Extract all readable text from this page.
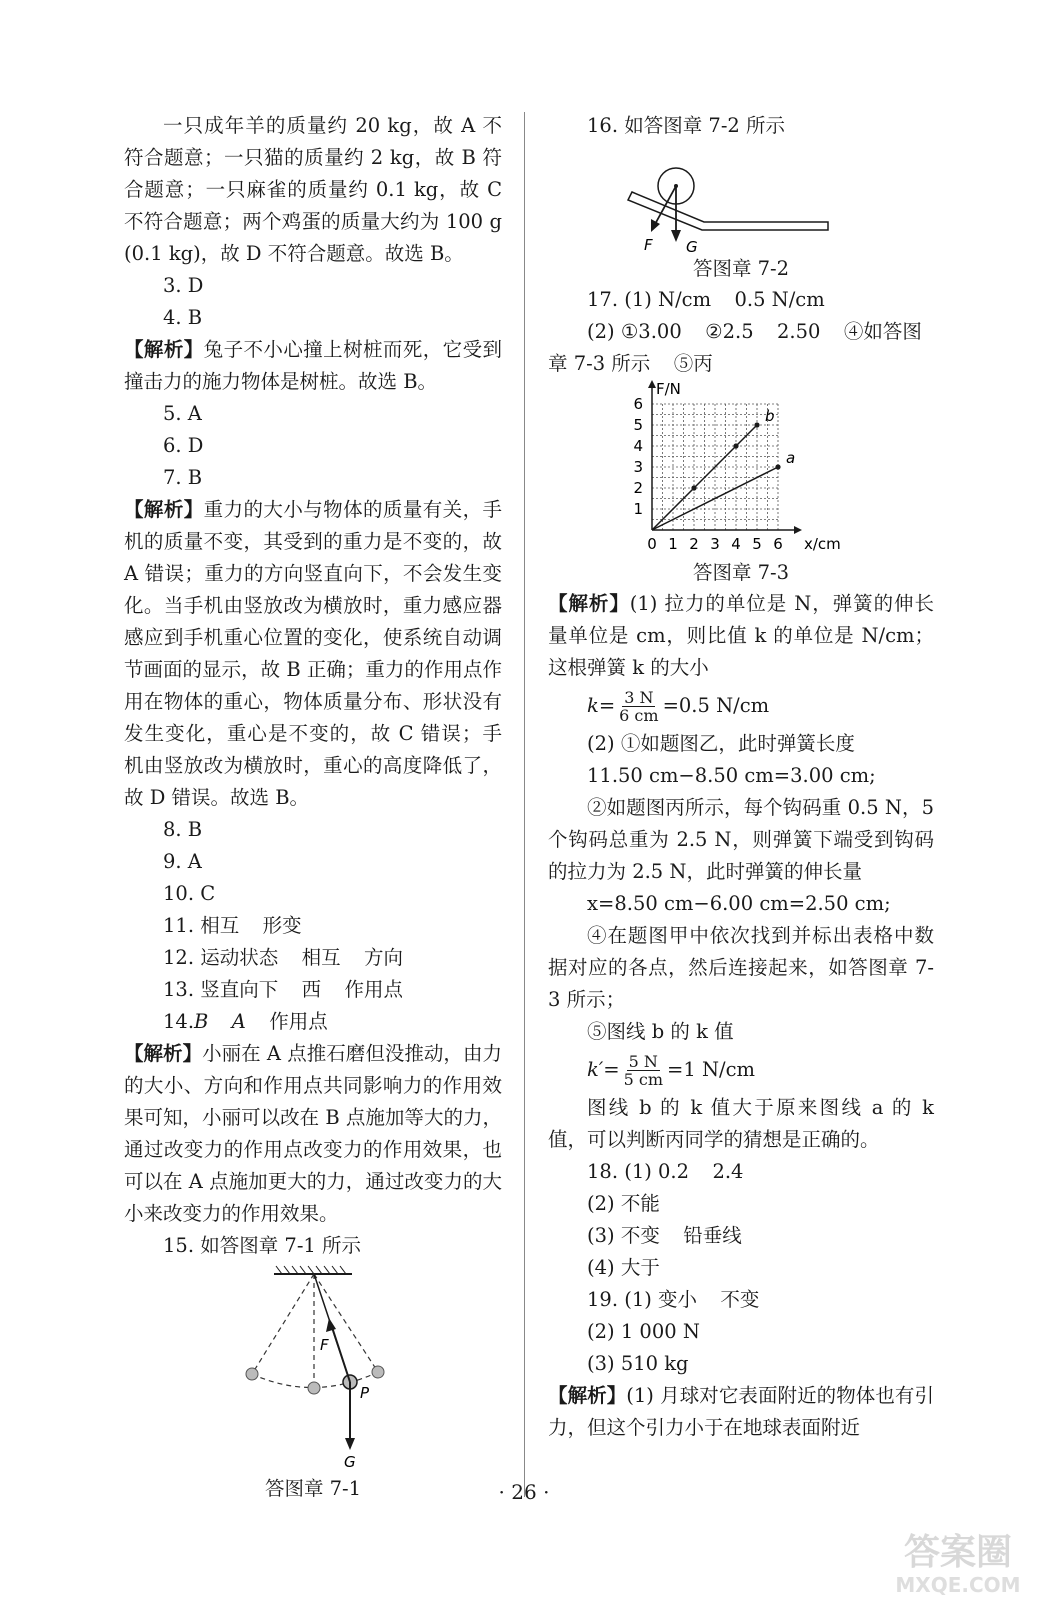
一只成年羊的质量约 20 kg，故 A 不符合题意；一只猫的质量约 2 kg，故 B 符合题意；一只麻雀的质量约 0.1 kg，故 C 不符合题意；两个鸡蛋的质量大约为 100 g (0.1 kg)，故 D 不符合题意。故选 B。

3. D

4. B

【解析】兔子不小心撞上树桩而死，它受到撞击力的施力物体是树桩。故选 B。

5. A

6. D

7. B

【解析】重力的大小与物体的质量有关，手机的质量不变，其受到的重力是不变的，故 A 错误；重力的方向竖直向下，不会发生变化。当手机由竖放改为横放时，重力感应器感应到手机重心位置的变化，使系统自动调节画面的显示，故 B 正确；重力的作用点作用在物体的重心，物体质量分布、形状没有发生变化，重心是不变的，故 C 错误；手机由竖放改为横放时，重心的高度降低了，故 D 错误。故选 B。

8. B

9. A

10. C

11. 相互 形变

12. 运动状态 相互 方向

13. 竖直向下 西 作用点

14.B A 作用点

【解析】小丽在 A 点推石磨但没推动，由力的大小、方向和作用点共同影响力的作用效果可知，小丽可以改在 B 点施加等大的力，通过改变力的作用点改变力的作用效果，也可以在 A 点施加更大的力，通过改变力的大小来改变力的作用效果。

15. 如答图章 7-1 所示

F
P
G

答图章 7-1

16. 如答图章 7-2 所示

F G

答图章 7-2

17. (1) N/cm 0.5 N/cm

(2) ①3.00 ②2.5 2.50 ④如答图

章 7-3 所示 ⑤丙

b
a
0 1 2 3 4 5 6
1
2
3
4
5
6
x/cm
F/N

答图章 7-3

【解析】(1) 拉力的单位是 N，弹簧的伸长量单位是 cm，则比值 k 的单位是 N/cm；这根弹簧 k 的大小

$k= \frac{3 N}{6 cm} =0.5$ N/cm

(2) ①如题图乙，此时弹簧长度

11.50 cm−8.50 cm=3.00 cm;

②如题图丙所示，每个钩码重 0.5 N，5 个钩码总重为 2.5 N，则弹簧下端受到钩码的拉力为 2.5 N，此时弹簧的伸长量

x=8.50 cm−6.00 cm=2.50 cm;

④在题图甲中依次找到并标出表格中数据对应的各点，然后连接起来，如答图章 7-3 所示；

⑤图线 b 的 k 值

$k'= \frac{5 N}{5 cm} =1$ N/cm

图线 b 的 k 值大于原来图线 a 的 k 值，可以判断丙同学的猜想是正确的。

18. (1) 0.2 2.4

(2) 不能

(3) 不变 铅垂线

(4) 大于

19. (1) 变小 不变

(2) 1 000 N

(3) 510 kg

【解析】(1) 月球对它表面附近的物体也有引力，但这个引力小于在地球表面附近

· 26 ·
答案圈
MXQE.COM
